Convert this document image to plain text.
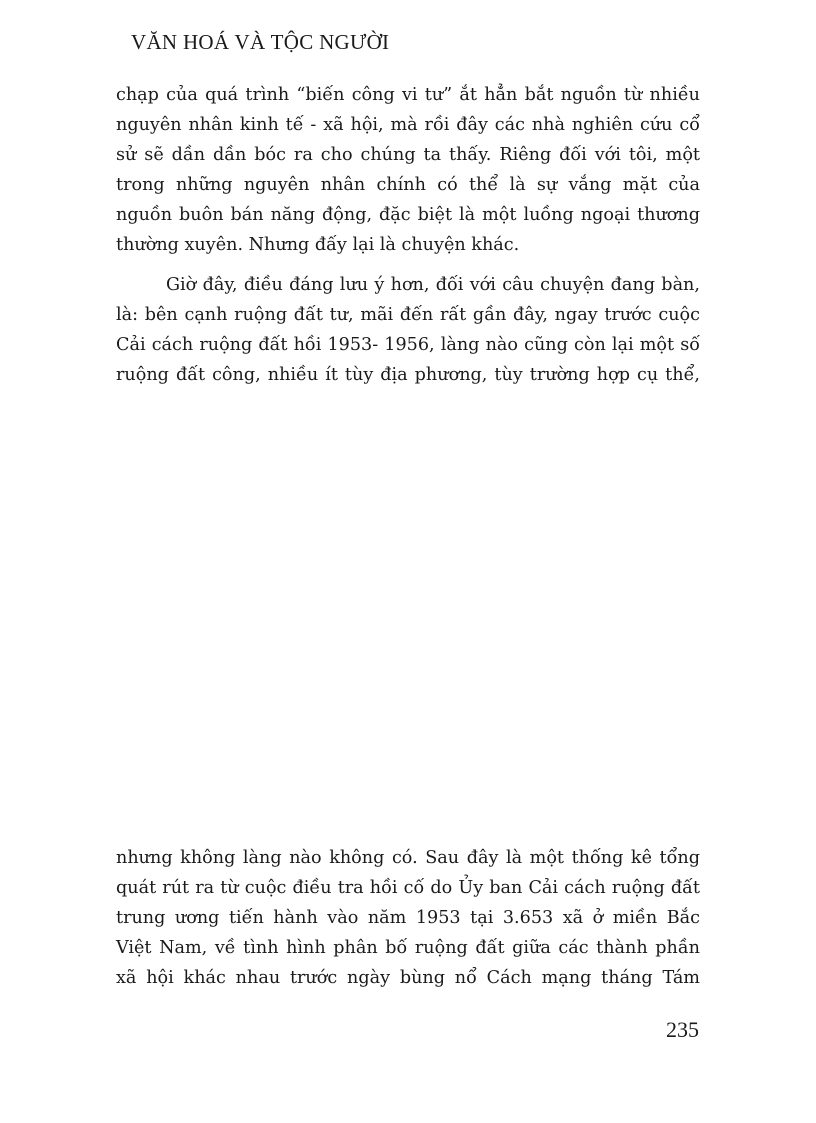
VĂN HOÁ VÀ TỘC NGƯỜI
chạp của quá trình “biến công vi tư” ắt hẳn bắt nguồn từ nhiều
nguyên nhân kinh tế - xã hội, mà rồi đây các nhà nghiên cứu cổ
sử sẽ dần dần bóc ra cho chúng ta thấy. Riêng đối với tôi, một
trong những nguyên nhân chính có thể là sự vắng mặt của
nguồn buôn bán năng động, đặc biệt là một luồng ngoại thương
thường xuyên. Nhưng đấy lại là chuyện khác.
Giờ đây, điều đáng lưu ý hơn, đối với câu chuyện đang bàn,
là: bên cạnh ruộng đất tư, mãi đến rất gần đây, ngay trước cuộc
Cải cách ruộng đất hồi 1953- 1956, làng nào cũng còn lại một số
ruộng đất công, nhiều ít tùy địa phương, tùy trường hợp cụ thể,
nhưng không làng nào không có. Sau đây là một thống kê tổng
quát rút ra từ cuộc điều tra hồi cố do Ủy ban Cải cách ruộng đất
trung ương tiến hành vào năm 1953 tại 3.653 xã ở miền Bắc
Việt Nam, về tình hình phân bố ruộng đất giữa các thành phần
xã hội khác nhau trước ngày bùng nổ Cách mạng tháng Tám
235
